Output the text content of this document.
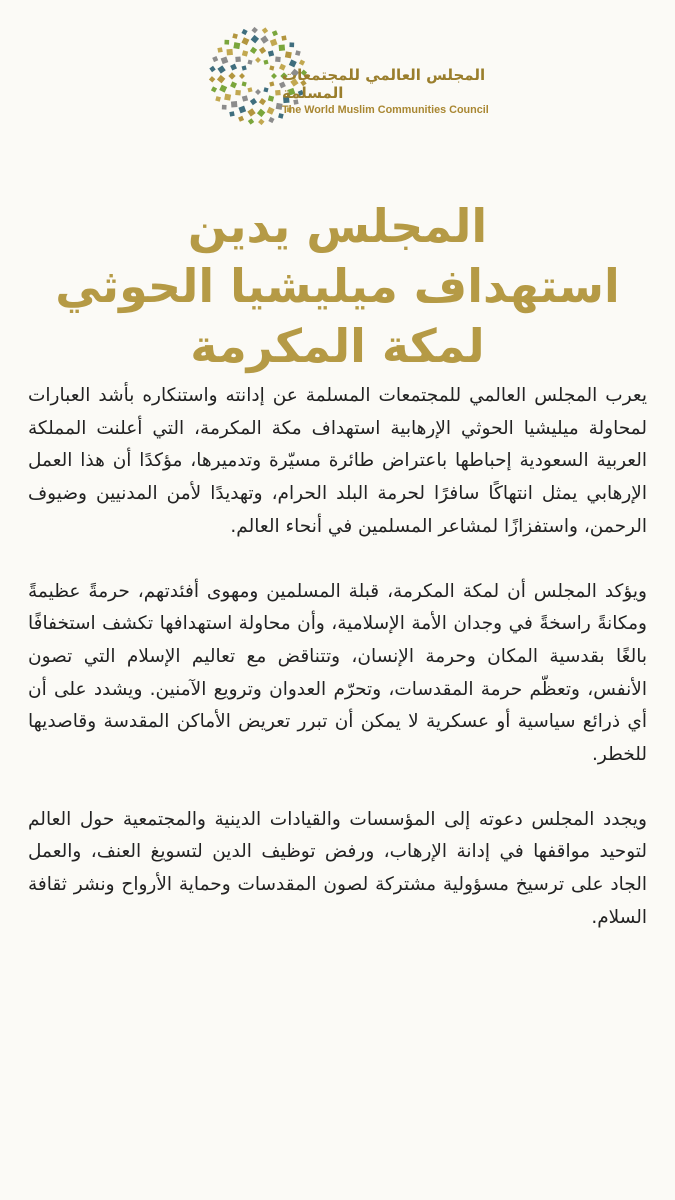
المجلس العالمي للمجتمعات المسلمة
The World Muslim Communities Council
المجلس يدين
استهداف ميليشيا الحوثي
لمكة المكرمة

يعرب المجلس العالمي للمجتمعات المسلمة عن إدانته واستنكاره بأشد العبارات لمحاولة ميليشيا الحوثي الإرهابية استهداف مكة المكرمة، التي أعلنت المملكة العربية السعودية إحباطها باعتراض طائرة مسيّرة وتدميرها، مؤكدًا أن هذا العمل الإرهابي يمثل انتهاكًا سافرًا لحرمة البلد الحرام، وتهديدًا لأمن المدنيين وضيوف الرحمن، واستفزازًا لمشاعر المسلمين في أنحاء العالم.

ويؤكد المجلس أن لمكة المكرمة، قبلة المسلمين ومهوى أفئدتهم، حرمةً عظيمةً ومكانةً راسخةً في وجدان الأمة الإسلامية، وأن محاولة استهدافها تكشف استخفافًا بالغًا بقدسية المكان وحرمة الإنسان، وتتناقض مع تعاليم الإسلام التي تصون الأنفس، وتعظّم حرمة المقدسات، وتحرّم العدوان وترويع الآمنين. ويشدد على أن أي ذرائع سياسية أو عسكرية لا يمكن أن تبرر تعريض الأماكن المقدسة وقاصديها للخطر.

ويجدد المجلس دعوته إلى المؤسسات والقيادات الدينية والمجتمعية حول العالم لتوحيد مواقفها في إدانة الإرهاب، ورفض توظيف الدين لتسويغ العنف، والعمل الجاد على ترسيخ مسؤولية مشتركة لصون المقدسات وحماية الأرواح ونشر ثقافة السلام.
